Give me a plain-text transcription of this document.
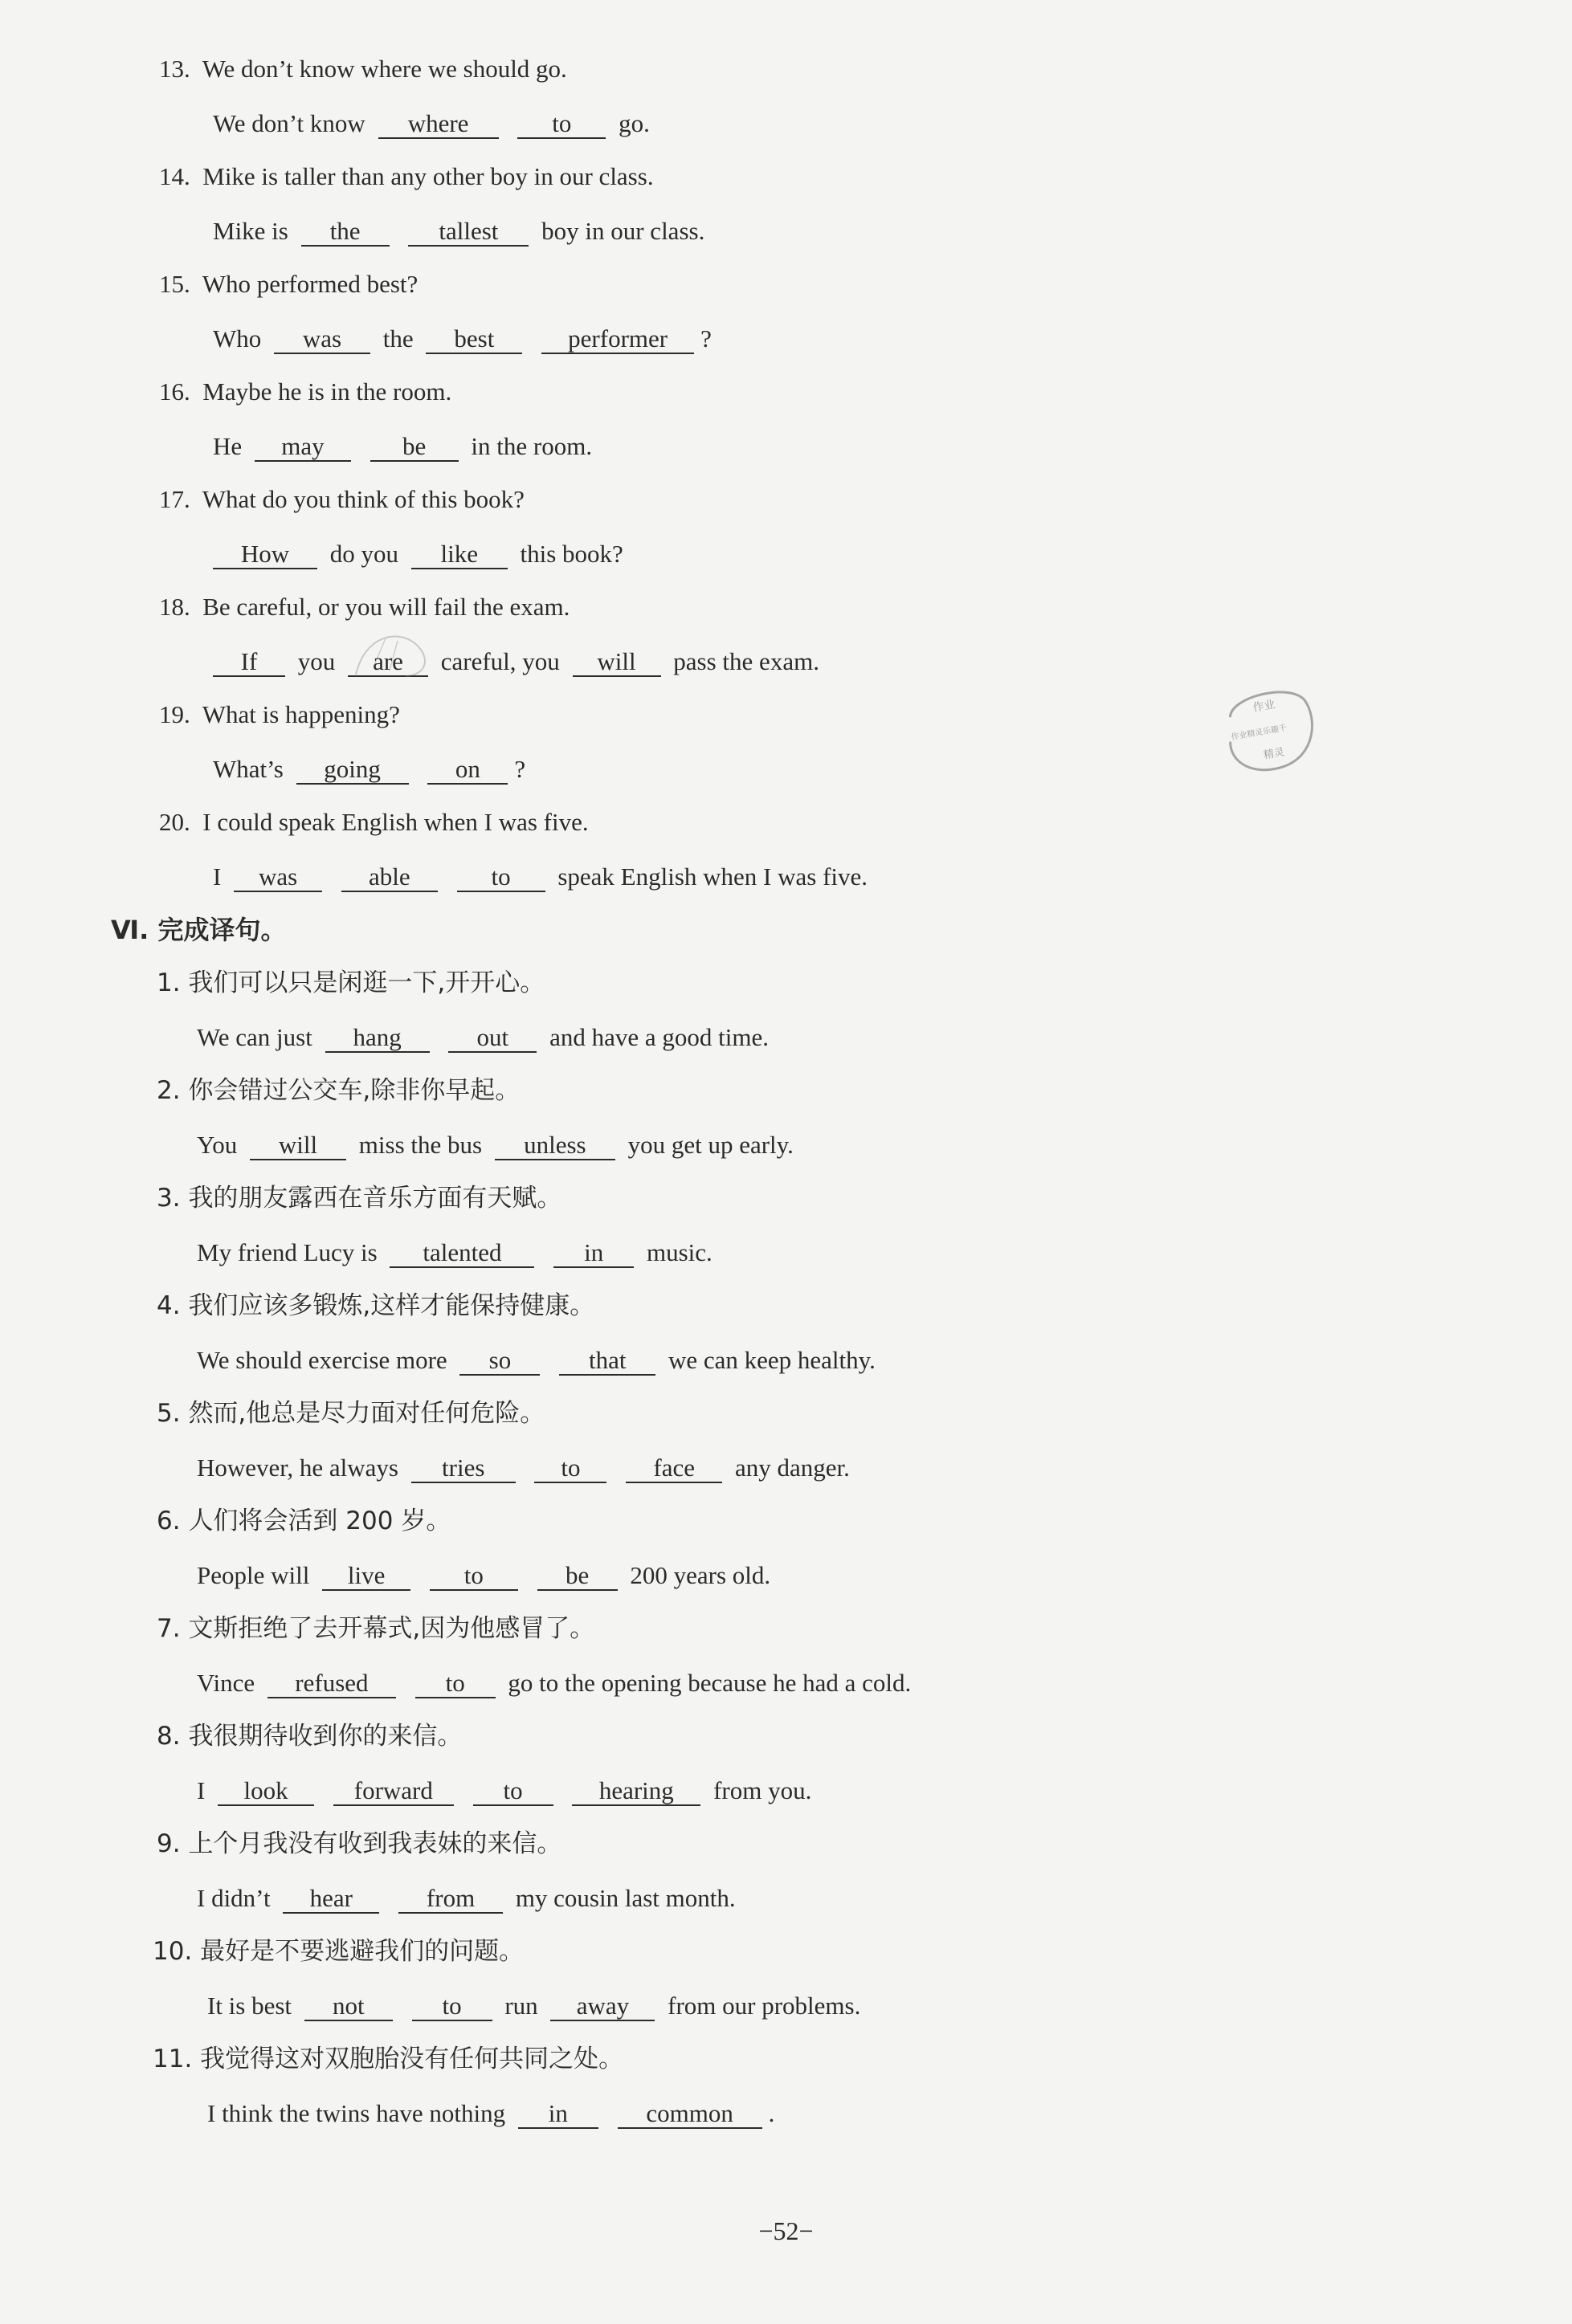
13. We don’t know where we should go.
We don’t know where	to go.
14. Mike is taller than any other boy in our class.
Mike is the	tallest boy in our class.
15. Who performed best?
Who was the best	performer ?
16. Maybe he is in the room.
He may	be in the room.
17. What do you think of this book?
How do you like this book?
18. Be careful, or you will fail the exam.
If you are careful, you will pass the exam.
19. What is happening?
What’s going	on ?
20. I could speak English when I was five.
I was	able	to speak English when I was five.
Ⅵ. 完成译句。
1. 我们可以只是闲逛一下,开开心。
We can just hang	out and have a good time.
2. 你会错过公交车,除非你早起。
You will miss the bus unless you get up early.
3. 我的朋友露西在音乐方面有天赋。
My friend Lucy is talented	in music.
4. 我们应该多锻炼,这样才能保持健康。
We should exercise more so	that we can keep healthy.
5. 然而,他总是尽力面对任何危险。
However, he always tries	to	face any danger.
6. 人们将会活到 200 岁。
People will live	to	be 200 years old.
7. 文斯拒绝了去开幕式,因为他感冒了。
Vince refused	to go to the opening because he had a cold.
8. 我很期待收到你的来信。
I look	forward	to	hearing from you.
9. 上个月我没有收到我表妹的来信。
I didn’t hear	from my cousin last month.
10. 最好是不要逃避我们的问题。
It is best not	to run away from our problems.
11. 我觉得这对双胞胎没有任何共同之处。
I think the twins have nothing in	common .
作业
作业精灵乐趣千
精灵
−52−
